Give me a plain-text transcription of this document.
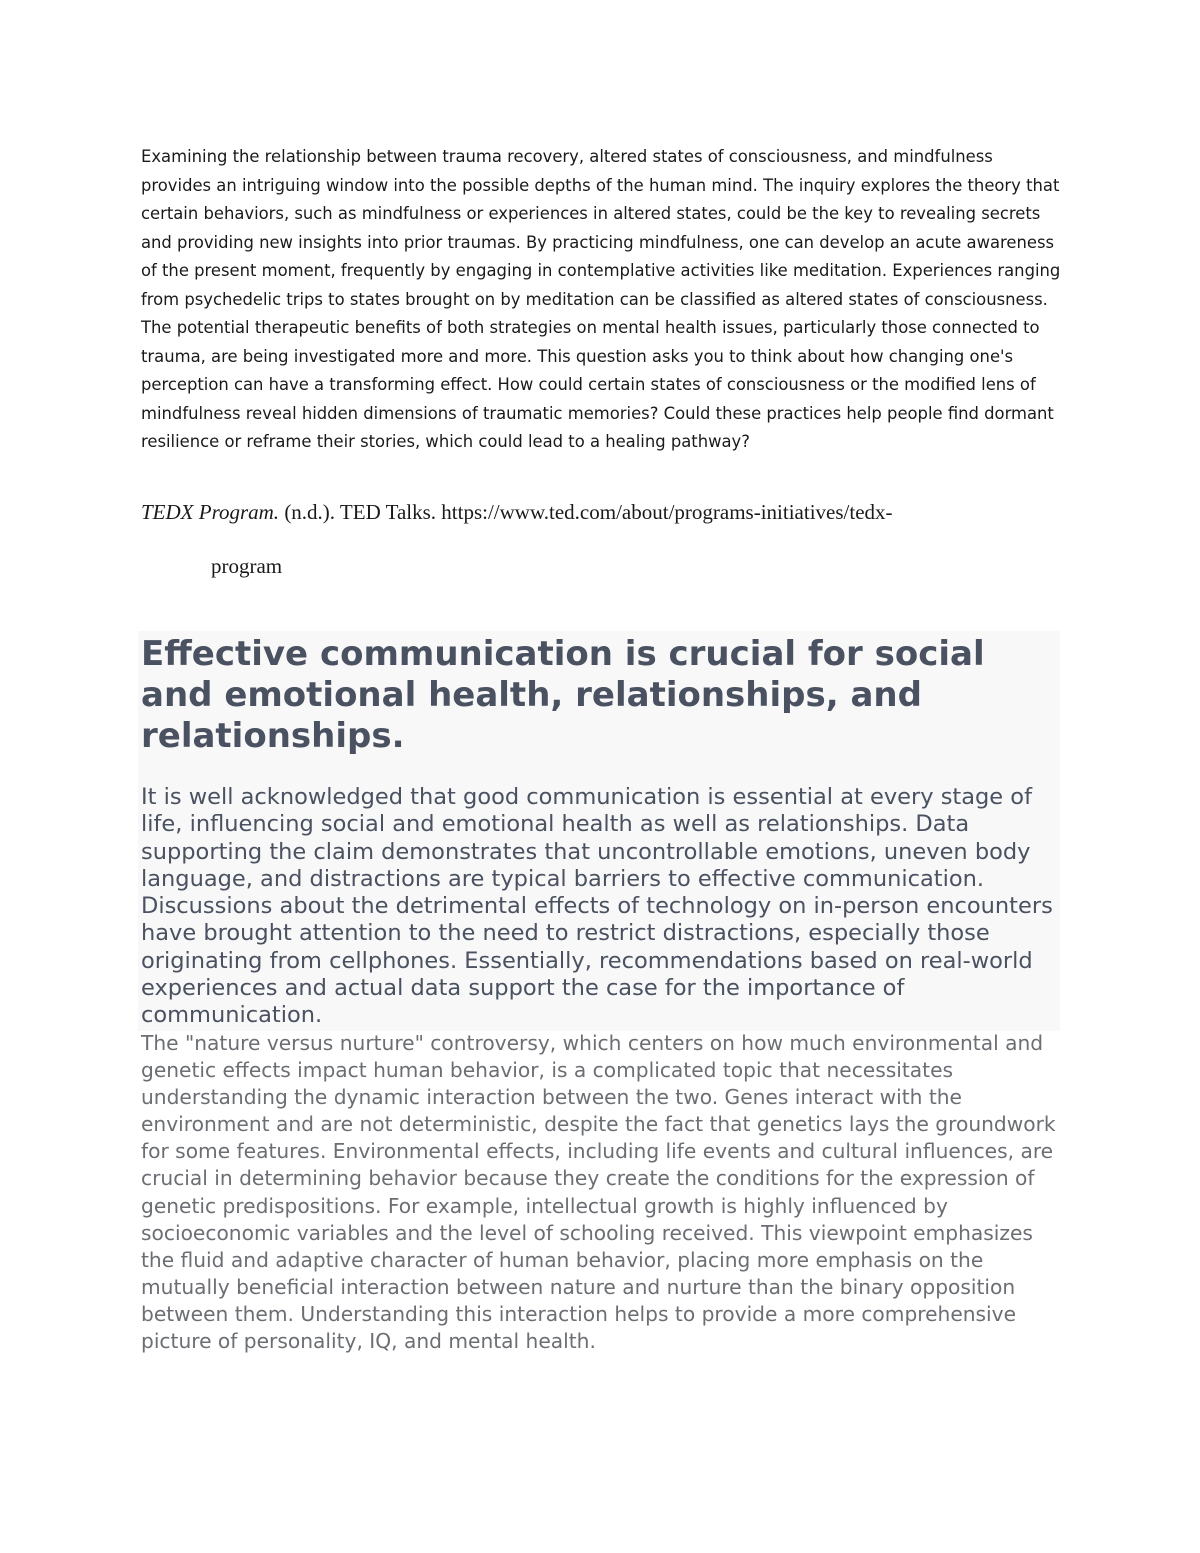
Examining the relationship between trauma recovery, altered states of consciousness, and mindfulness provides an intriguing window into the possible depths of the human mind. The inquiry explores the theory that certain behaviors, such as mindfulness or experiences in altered states, could be the key to revealing secrets and providing new insights into prior traumas. By practicing mindfulness, one can develop an acute awareness of the present moment, frequently by engaging in contemplative activities like meditation. Experiences ranging from psychedelic trips to states brought on by meditation can be classified as altered states of consciousness. The potential therapeutic benefits of both strategies on mental health issues, particularly those connected to trauma, are being investigated more and more. This question asks you to think about how changing one's perception can have a transforming effect. How could certain states of consciousness or the modified lens of mindfulness reveal hidden dimensions of traumatic memories? Could these practices help people find dormant resilience or reframe their stories, which could lead to a healing pathway?

TEDX Program. (n.d.). TED Talks. https://www.ted.com/about/programs-initiatives/tedx-
program

Effective communication is crucial for social and emotional health, relationships, and relationships.

It is well acknowledged that good communication is essential at every stage of life, influencing social and emotional health as well as relationships. Data supporting the claim demonstrates that uncontrollable emotions, uneven body language, and distractions are typical barriers to effective communication. Discussions about the detrimental effects of technology on in-person encounters have brought attention to the need to restrict distractions, especially those originating from cellphones. Essentially, recommendations based on real-world experiences and actual data support the case for the importance of communication.

The "nature versus nurture" controversy, which centers on how much environmental and genetic effects impact human behavior, is a complicated topic that necessitates understanding the dynamic interaction between the two. Genes interact with the environment and are not deterministic, despite the fact that genetics lays the groundwork for some features. Environmental effects, including life events and cultural influences, are crucial in determining behavior because they create the conditions for the expression of genetic predispositions. For example, intellectual growth is highly influenced by socioeconomic variables and the level of schooling received. This viewpoint emphasizes the fluid and adaptive character of human behavior, placing more emphasis on the mutually beneficial interaction between nature and nurture than the binary opposition between them. Understanding this interaction helps to provide a more comprehensive picture of personality, IQ, and mental health.
